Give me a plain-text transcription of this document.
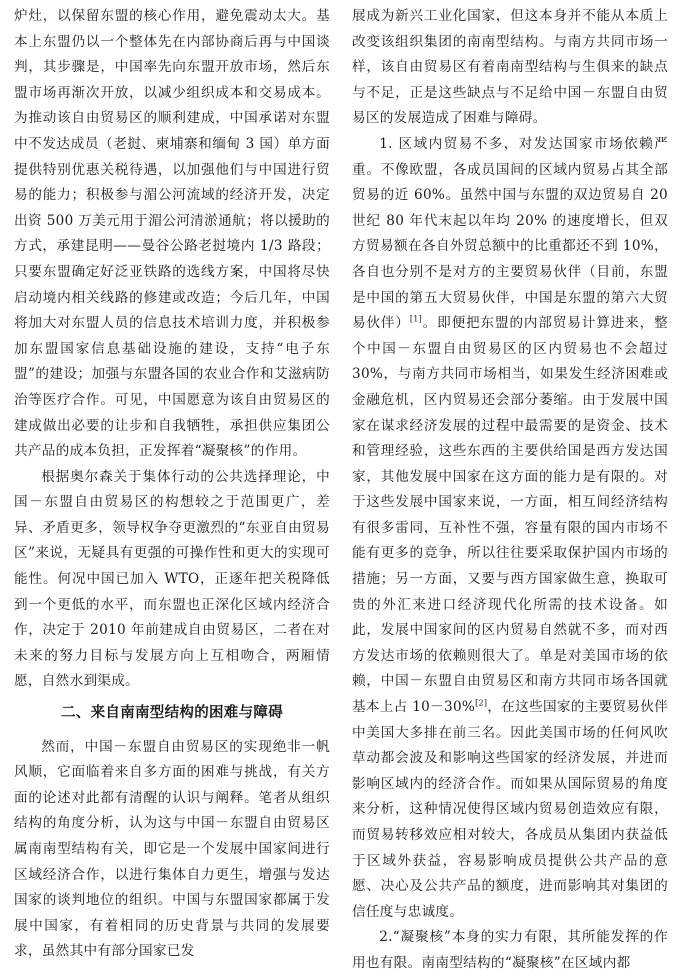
炉灶，以保留东盟的核心作用，避免震动太大。基本上东盟仍以一个整体先在内部协商后再与中国谈判，其步骤是，中国率先向东盟开放市场，然后东盟市场再渐次开放，以减少组织成本和交易成本。为推动该自由贸易区的顺利建成，中国承诺对东盟中不发达成员（老挝、柬埔寨和缅甸 3 国）单方面提供特别优惠关税待遇，以加强他们与中国进行贸易的能力；积极参与湄公河流域的经济开发，决定出资 500 万美元用于湄公河清淤通航；将以援助的方式，承建昆明——曼谷公路老挝境内 1/3 路段；只要东盟确定好泛亚铁路的选线方案，中国将尽快启动境内相关线路的修建或改造；今后几年，中国将加大对东盟人员的信息技术培训力度，并积极参加东盟国家信息基础设施的建设，支持“电子东盟”的建设；加强与东盟各国的农业合作和艾滋病防治等医疗合作。可见，中国愿意为该自由贸易区的建成做出必要的让步和自我牺牲，承担供应集团公共产品的成本负担，正发挥着“凝聚核”的作用。

根据奥尔森关于集体行动的公共选择理论，中国－东盟自由贸易区的构想较之于范围更广，差异、矛盾更多，领导权争夺更激烈的“东亚自由贸易区”来说，无疑具有更强的可操作性和更大的实现可能性。何况中国已加入 WTO，正逐年把关税降低到一个更低的水平，而东盟也正深化区域内经济合作，决定于 2010 年前建成自由贸易区，二者在对未来的努力目标与发展方向上互相吻合，两厢情愿，自然水到渠成。

二、来自南南型结构的困难与障碍

然而，中国－东盟自由贸易区的实现绝非一帆风顺，它面临着来自多方面的困难与挑战，有关方面的论述对此都有清醒的认识与阐释。笔者从组织结构的角度分析，认为这与中国－东盟自由贸易区属南南型结构有关，即它是一个发展中国家间进行区域经济合作，以进行集体自力更生，增强与发达国家的谈判地位的组织。中国与东盟国家都属于发展中国家，有着相同的历史背景与共同的发展要求，虽然其中有部分国家已发

展成为新兴工业化国家，但这本身并不能从本质上改变该组织集团的南南型结构。与南方共同市场一样，该自由贸易区有着南南型结构与生俱来的缺点与不足，正是这些缺点与不足给中国－东盟自由贸易区的发展造成了困难与障碍。

1. 区域内贸易不多，对发达国家市场依赖严重。不像欧盟，各成员国间的区域内贸易占其全部贸易的近 60%。虽然中国与东盟的双边贸易自 20 世纪 80 年代末起以年均 20% 的速度增长，但双方贸易额在各自外贸总额中的比重都还不到 10%，各自也分别不是对方的主要贸易伙伴（目前，东盟是中国的第五大贸易伙伴，中国是东盟的第六大贸易伙伴）[1]。即便把东盟的内部贸易计算进来，整个中国－东盟自由贸易区的区内贸易也不会超过 30%，与南方共同市场相当，如果发生经济困难或金融危机，区内贸易还会部分萎缩。由于发展中国家在谋求经济发展的过程中最需要的是资金、技术和管理经验，这些东西的主要供给国是西方发达国家，其他发展中国家在这方面的能力是有限的。对于这些发展中国家来说，一方面，相互间经济结构有很多雷同，互补性不强，容量有限的国内市场不能有更多的竞争，所以往往要采取保护国内市场的措施；另一方面，又要与西方国家做生意，换取可贵的外汇来进口经济现代化所需的技术设备。如此，发展中国家间的区内贸易自然就不多，而对西方发达市场的依赖则很大了。单是对美国市场的依赖，中国－东盟自由贸易区和南方共同市场各国就基本上占 10－30%[2]，在这些国家的主要贸易伙伴中美国大多排在前三名。因此美国市场的任何风吹草动都会波及和影响这些国家的经济发展，并进而影响区域内的经济合作。而如果从国际贸易的角度来分析，这种情况使得区域内贸易创造效应有限，而贸易转移效应相对较大，各成员从集团内获益低于区域外获益，容易影响成员提供公共产品的意愿、决心及公共产品的额度，进而影响其对集团的信任度与忠诚度。

2.“凝聚核”本身的实力有限，其所能发挥的作用也有限。南南型结构的“凝聚核”在区域内都
